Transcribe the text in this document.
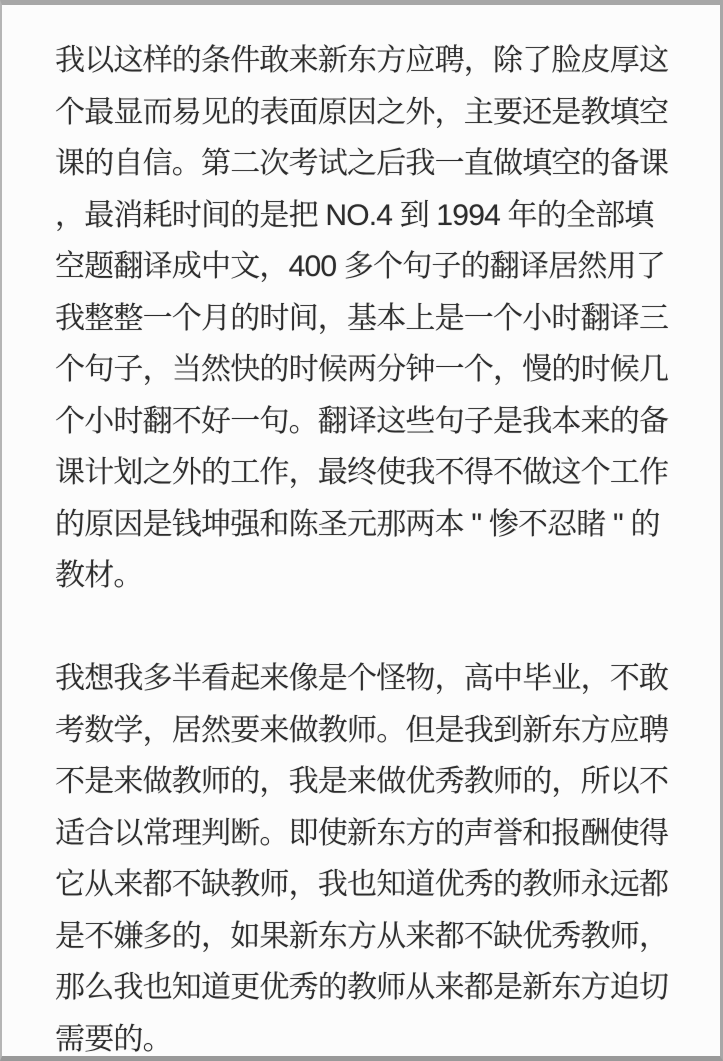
我以这样的条件敢来新东方应聘，除了脸皮厚这
个最显而易见的表面原因之外，主要还是教填空
课的自信。第二次考试之后我一直做填空的备课
，最消耗时间的是把 NO.4 到 1994 年的全部填
空题翻译成中文，400 多个句子的翻译居然用了
我整整一个月的时间，基本上是一个小时翻译三
个句子，当然快的时候两分钟一个，慢的时候几
个小时翻不好一句。翻译这些句子是我本来的备
课计划之外的工作，最终使我不得不做这个工作
的原因是钱坤强和陈圣元那两本 " 惨不忍睹 " 的
教材。
我想我多半看起来像是个怪物，高中毕业，不敢
考数学，居然要来做教师。但是我到新东方应聘
不是来做教师的，我是来做优秀教师的，所以不
适合以常理判断。即使新东方的声誉和报酬使得
它从来都不缺教师，我也知道优秀的教师永远都
是不嫌多的，如果新东方从来都不缺优秀教师，
那么我也知道更优秀的教师从来都是新东方迫切
需要的。
